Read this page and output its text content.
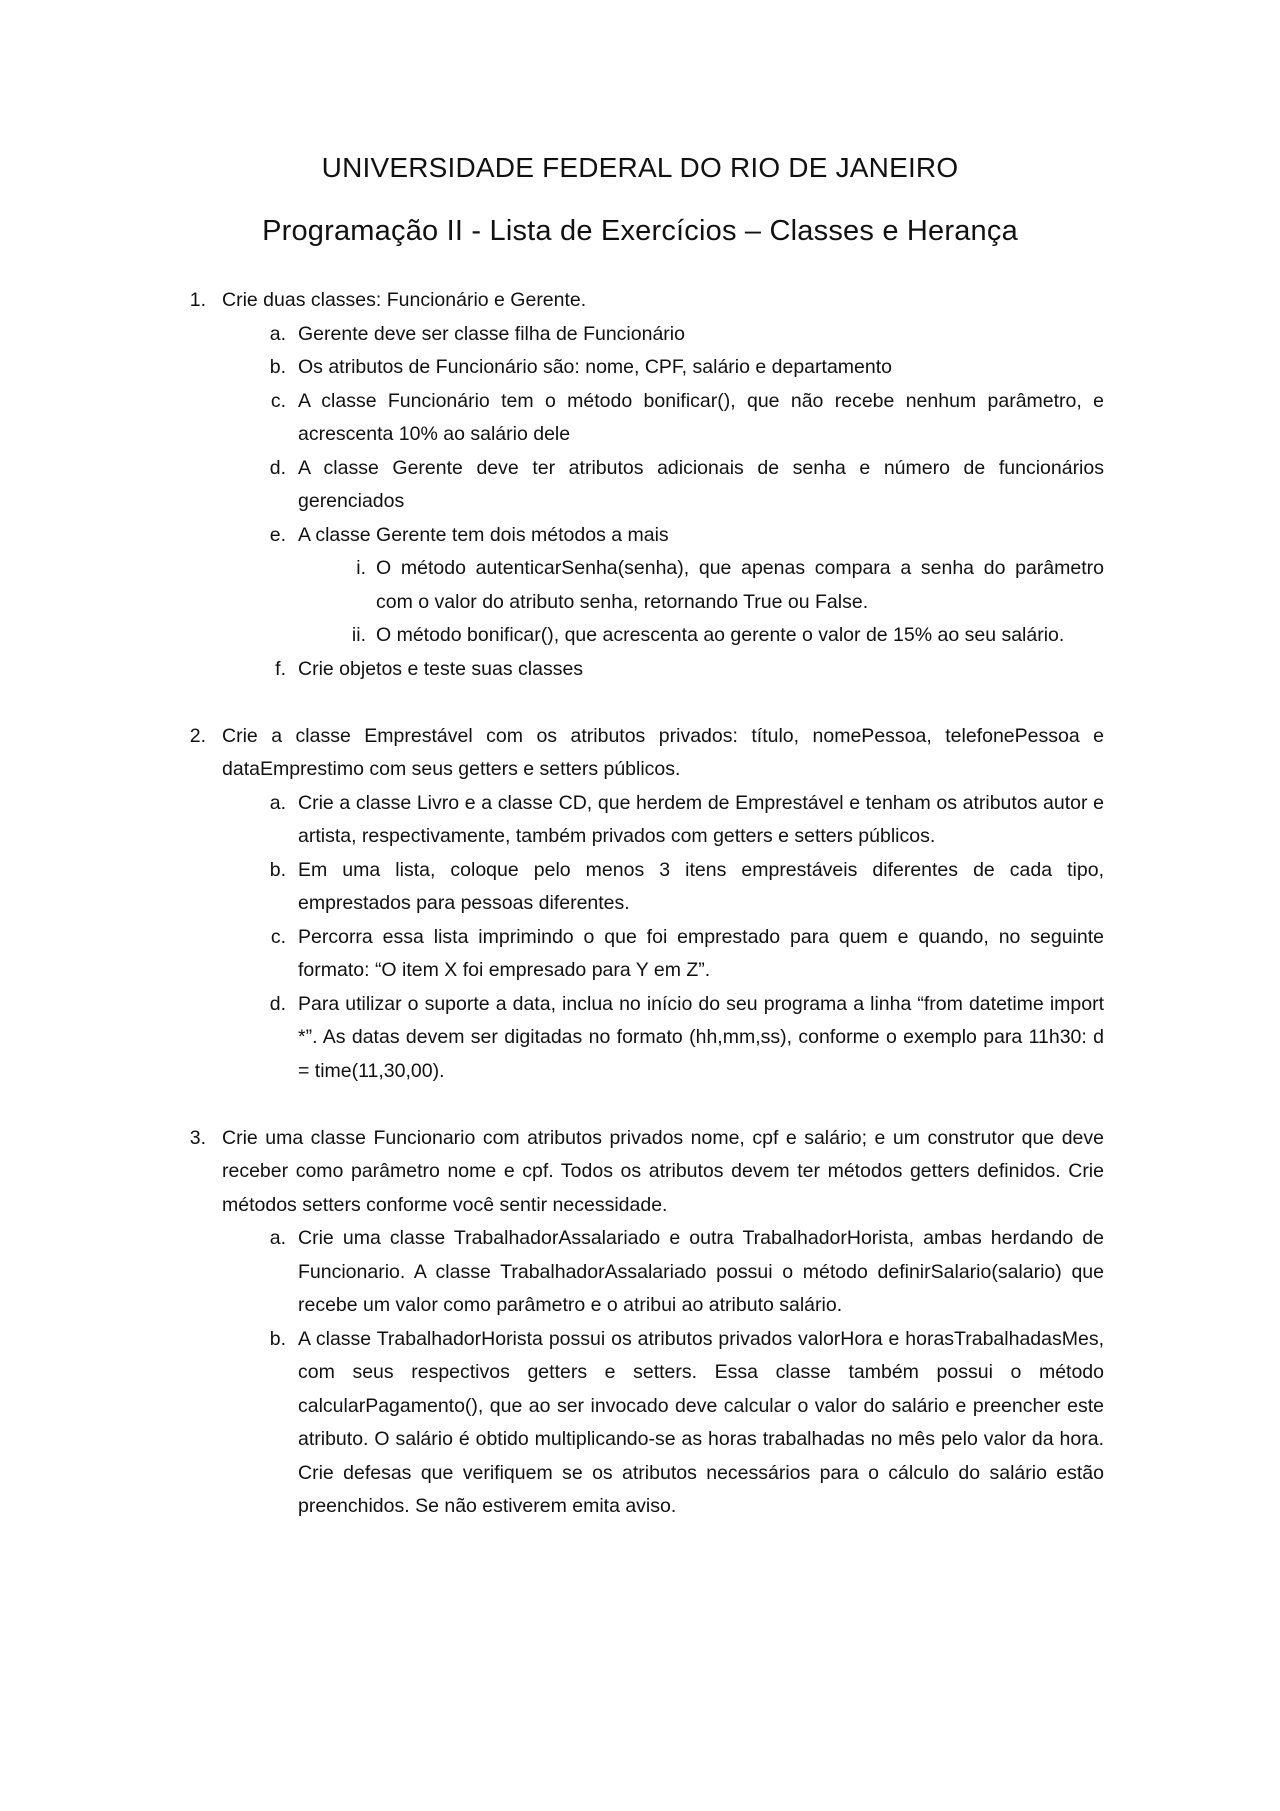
UNIVERSIDADE FEDERAL DO RIO DE JANEIRO
Programação II - Lista de Exercícios – Classes e Herança
1. Crie duas classes: Funcionário e Gerente.
a. Gerente deve ser classe filha de Funcionário
b. Os atributos de Funcionário são: nome, CPF, salário e departamento
c. A classe Funcionário tem o método bonificar(), que não recebe nenhum parâmetro, e acrescenta 10% ao salário dele
d. A classe Gerente deve ter atributos adicionais de senha e número de funcionários gerenciados
e. A classe Gerente tem dois métodos a mais
i. O método autenticarSenha(senha), que apenas compara a senha do parâmetro com o valor do atributo senha, retornando True ou False.
ii. O método bonificar(), que acrescenta ao gerente o valor de 15% ao seu salário.
f. Crie objetos e teste suas classes
2. Crie a classe Emprestável com os atributos privados: título, nomePessoa, telefonePessoa e dataEmprestimo com seus getters e setters públicos.
a. Crie a classe Livro e a classe CD, que herdem de Emprestável e tenham os atributos autor e artista, respectivamente, também privados com getters e setters públicos.
b. Em uma lista, coloque pelo menos 3 itens emprestáveis diferentes de cada tipo, emprestados para pessoas diferentes.
c. Percorra essa lista imprimindo o que foi emprestado para quem e quando, no seguinte formato: “O item X foi empresado para Y em Z”.
d. Para utilizar o suporte a data, inclua no início do seu programa a linha “from datetime import *”. As datas devem ser digitadas no formato (hh,mm,ss), conforme o exemplo para 11h30: d = time(11,30,00).
3. Crie uma classe Funcionario com atributos privados nome, cpf e salário; e um construtor que deve receber como parâmetro nome e cpf. Todos os atributos devem ter métodos getters definidos. Crie métodos setters conforme você sentir necessidade.
a. Crie uma classe TrabalhadorAssalariado e outra TrabalhadorHorista, ambas herdando de Funcionario. A classe TrabalhadorAssalariado possui o método definirSalario(salario) que recebe um valor como parâmetro e o atribui ao atributo salário.
b. A classe TrabalhadorHorista possui os atributos privados valorHora e horasTrabalhadasMes, com seus respectivos getters e setters. Essa classe também possui o método calcularPagamento(), que ao ser invocado deve calcular o valor do salário e preencher este atributo. O salário é obtido multiplicando-se as horas trabalhadas no mês pelo valor da hora. Crie defesas que verifiquem se os atributos necessários para o cálculo do salário estão preenchidos. Se não estiverem emita aviso.
